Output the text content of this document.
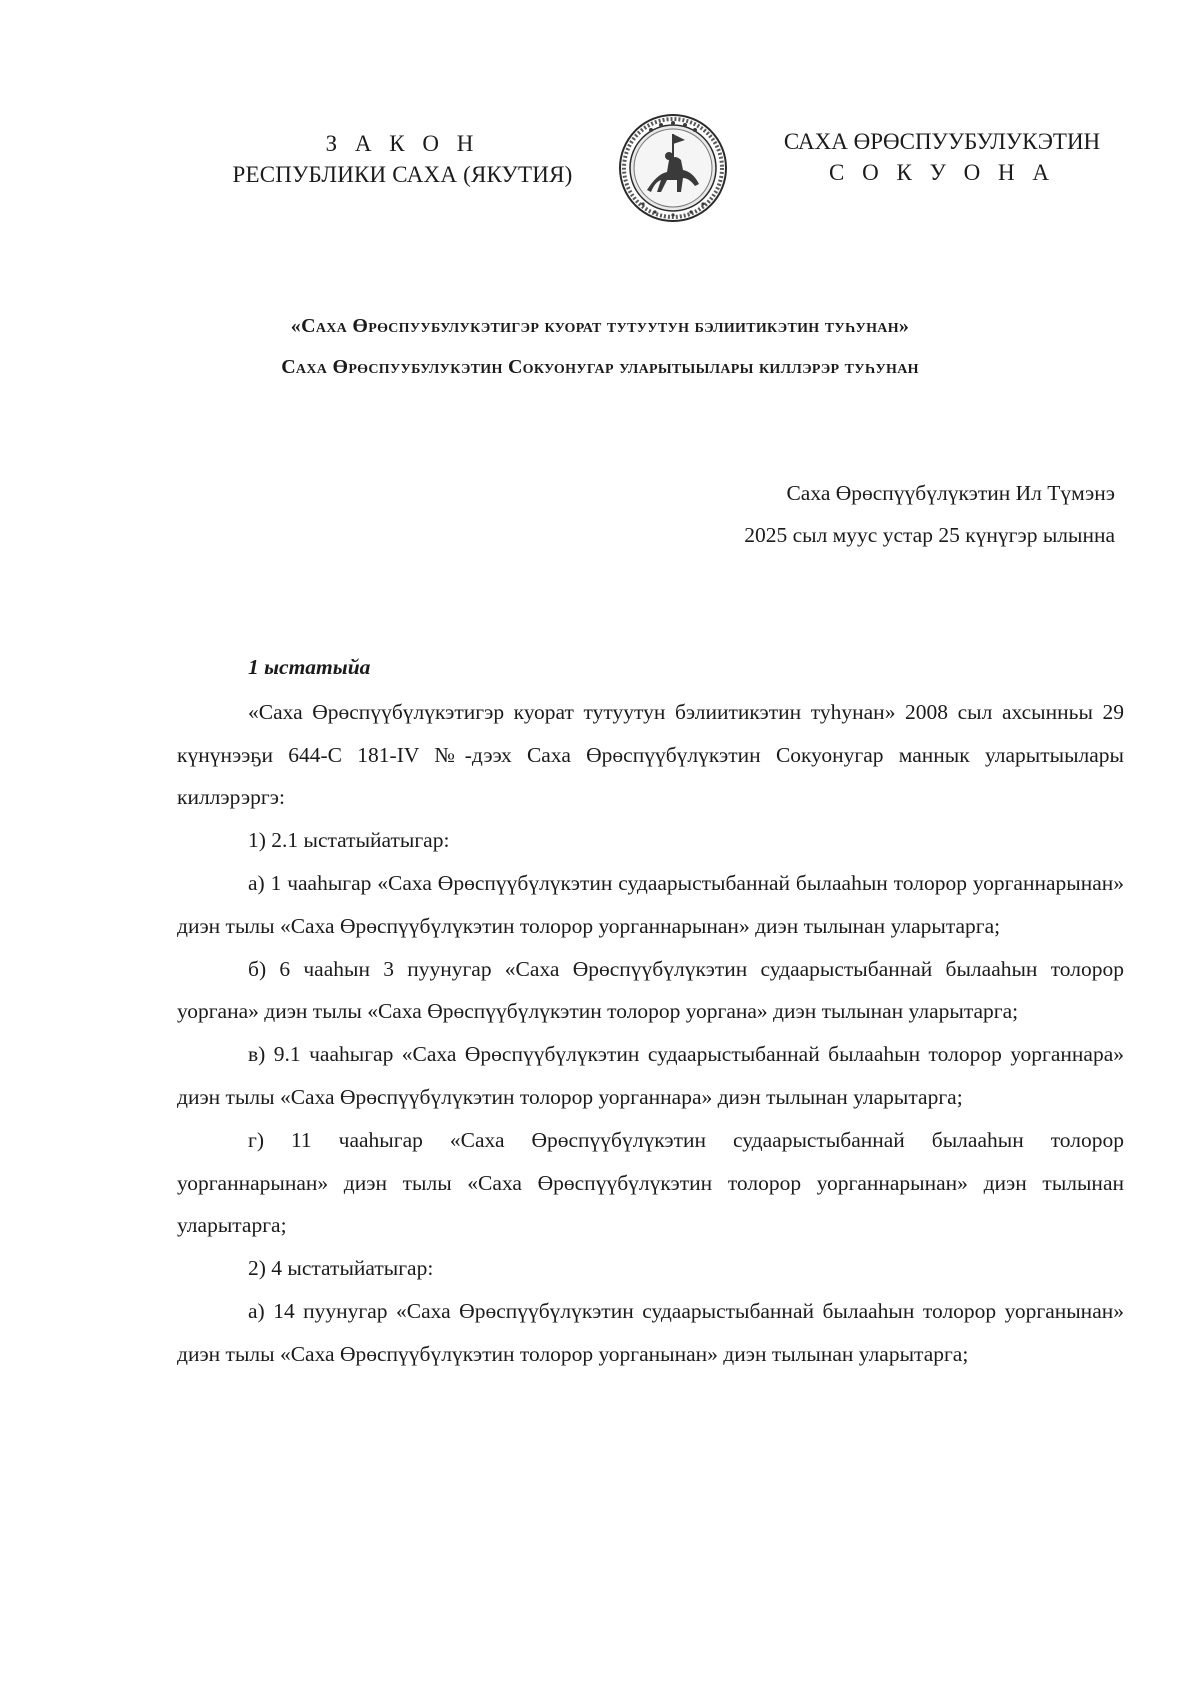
З А К О Н
РЕСПУБЛИКИ САХА (ЯКУТИЯ)
САХА ӨРӨСПУУБУЛУКЭТИН
С О К У О Н А
«Саха Өрөспуубулукэтигэр куорат тутуутун бэлиитикэтин туһунан»
Саха Өрөспуубулукэтин Сокуонугар уларытыылары киллэрэр туһунан
Саха Өрөспүүбүлүкэтин Ил Түмэнэ
2025 сыл муус устар 25 күнүгэр ылынна

1 ыстатыйа

«Саха Өрөспүүбүлүкэтигэр куорат тутуутун бэлиитикэтин туһунан» 2008 сыл ахсынньы 29 күнүнээҕи 644-С 181-IV №-дээх Саха Өрөспүүбүлүкэтин Сокуонугар маннык уларытыылары киллэрэргэ:

1) 2.1 ыстатыйатыгар:

а) 1 чааһыгар «Саха Өрөспүүбүлүкэтин судаарыстыбаннай былааһын толорор уорганнарынан» диэн тылы «Саха Өрөспүүбүлүкэтин толорор уорганнарынан» диэн тылынан уларытарга;

б) 6 чааһын 3 пуунугар «Саха Өрөспүүбүлүкэтин судаарыстыбаннай былааһын толорор уоргана» диэн тылы «Саха Өрөспүүбүлүкэтин толорор уоргана» диэн тылынан уларытарга;

в) 9.1 чааһыгар «Саха Өрөспүүбүлүкэтин судаарыстыбаннай былааһын толорор уорганнара» диэн тылы «Саха Өрөспүүбүлүкэтин толорор уорганнара» диэн тылынан уларытарга;

г) 11 чааһыгар «Саха Өрөспүүбүлүкэтин судаарыстыбаннай былааһын толорор уорганнарынан» диэн тылы «Саха Өрөспүүбүлүкэтин толорор уорганнарынан» диэн тылынан уларытарга;

2) 4 ыстатыйатыгар:

а) 14 пуунугар «Саха Өрөспүүбүлүкэтин судаарыстыбаннай былааһын толорор уорганынан» диэн тылы «Саха Өрөспүүбүлүкэтин толорор уорганынан» диэн тылынан уларытарга;
